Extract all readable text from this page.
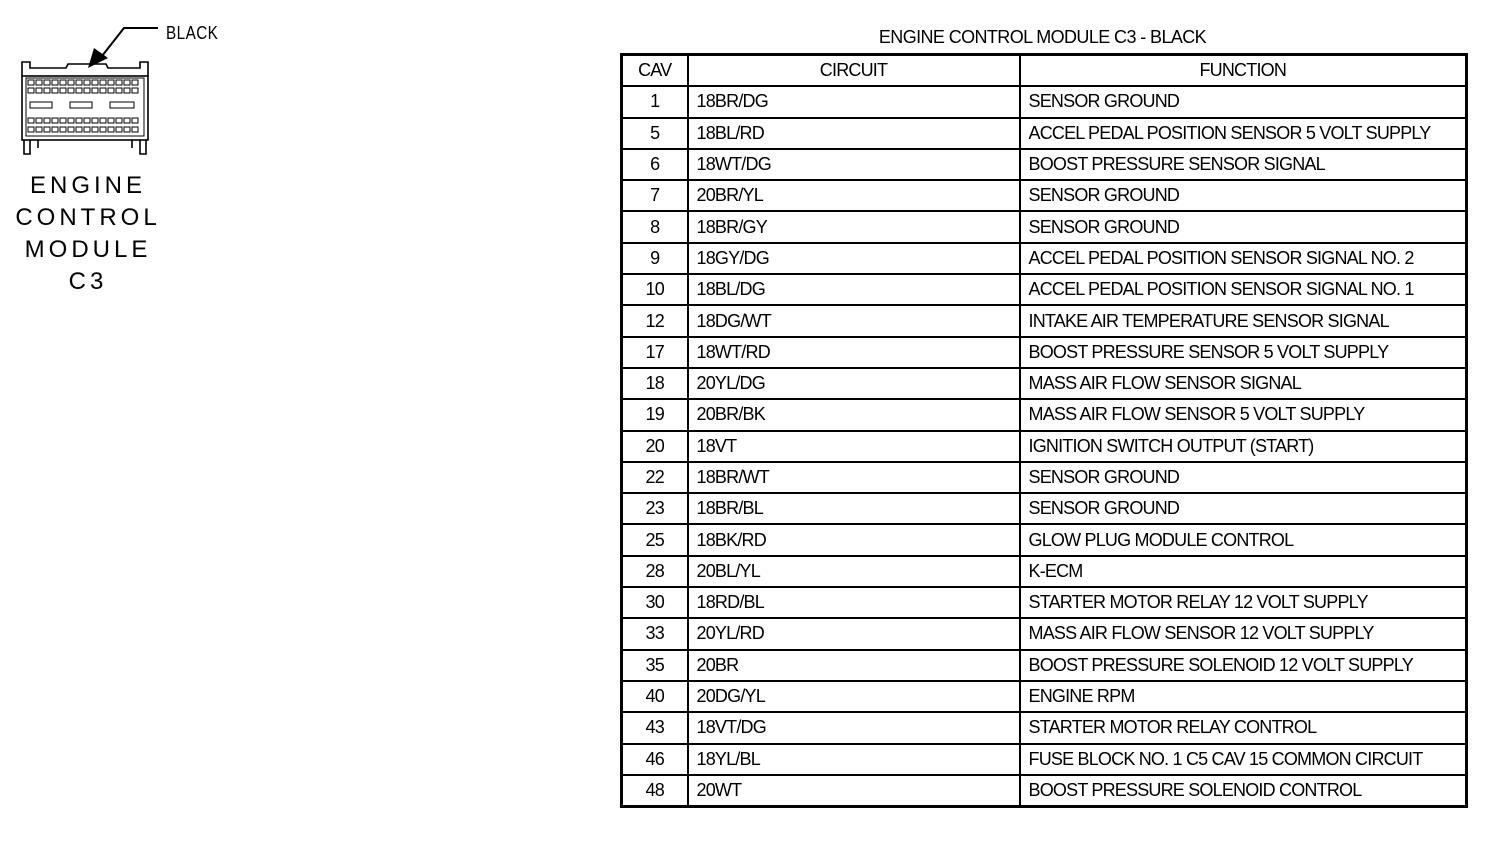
BLACK
ENGINE
CONTROL
MODULE
C3
ENGINE CONTROL MODULE C3 - BLACK
CAV	CIRCUIT	FUNCTION
1	18BR/DG	SENSOR GROUND
5	18BL/RD	ACCEL PEDAL POSITION SENSOR 5 VOLT SUPPLY
6	18WT/DG	BOOST PRESSURE SENSOR SIGNAL
7	20BR/YL	SENSOR GROUND
8	18BR/GY	SENSOR GROUND
9	18GY/DG	ACCEL PEDAL POSITION SENSOR SIGNAL NO. 2
10	18BL/DG	ACCEL PEDAL POSITION SENSOR SIGNAL NO. 1
12	18DG/WT	INTAKE AIR TEMPERATURE SENSOR SIGNAL
17	18WT/RD	BOOST PRESSURE SENSOR 5 VOLT SUPPLY
18	20YL/DG	MASS AIR FLOW SENSOR SIGNAL
19	20BR/BK	MASS AIR FLOW SENSOR 5 VOLT SUPPLY
20	18VT	IGNITION SWITCH OUTPUT (START)
22	18BR/WT	SENSOR GROUND
23	18BR/BL	SENSOR GROUND
25	18BK/RD	GLOW PLUG MODULE CONTROL
28	20BL/YL	K-ECM
30	18RD/BL	STARTER MOTOR RELAY 12 VOLT SUPPLY
33	20YL/RD	MASS AIR FLOW SENSOR 12 VOLT SUPPLY
35	20BR	BOOST PRESSURE SOLENOID 12 VOLT SUPPLY
40	20DG/YL	ENGINE RPM
43	18VT/DG	STARTER MOTOR RELAY CONTROL
46	18YL/BL	FUSE BLOCK NO. 1 C5 CAV 15 COMMON CIRCUIT
48	20WT	BOOST PRESSURE SOLENOID CONTROL
